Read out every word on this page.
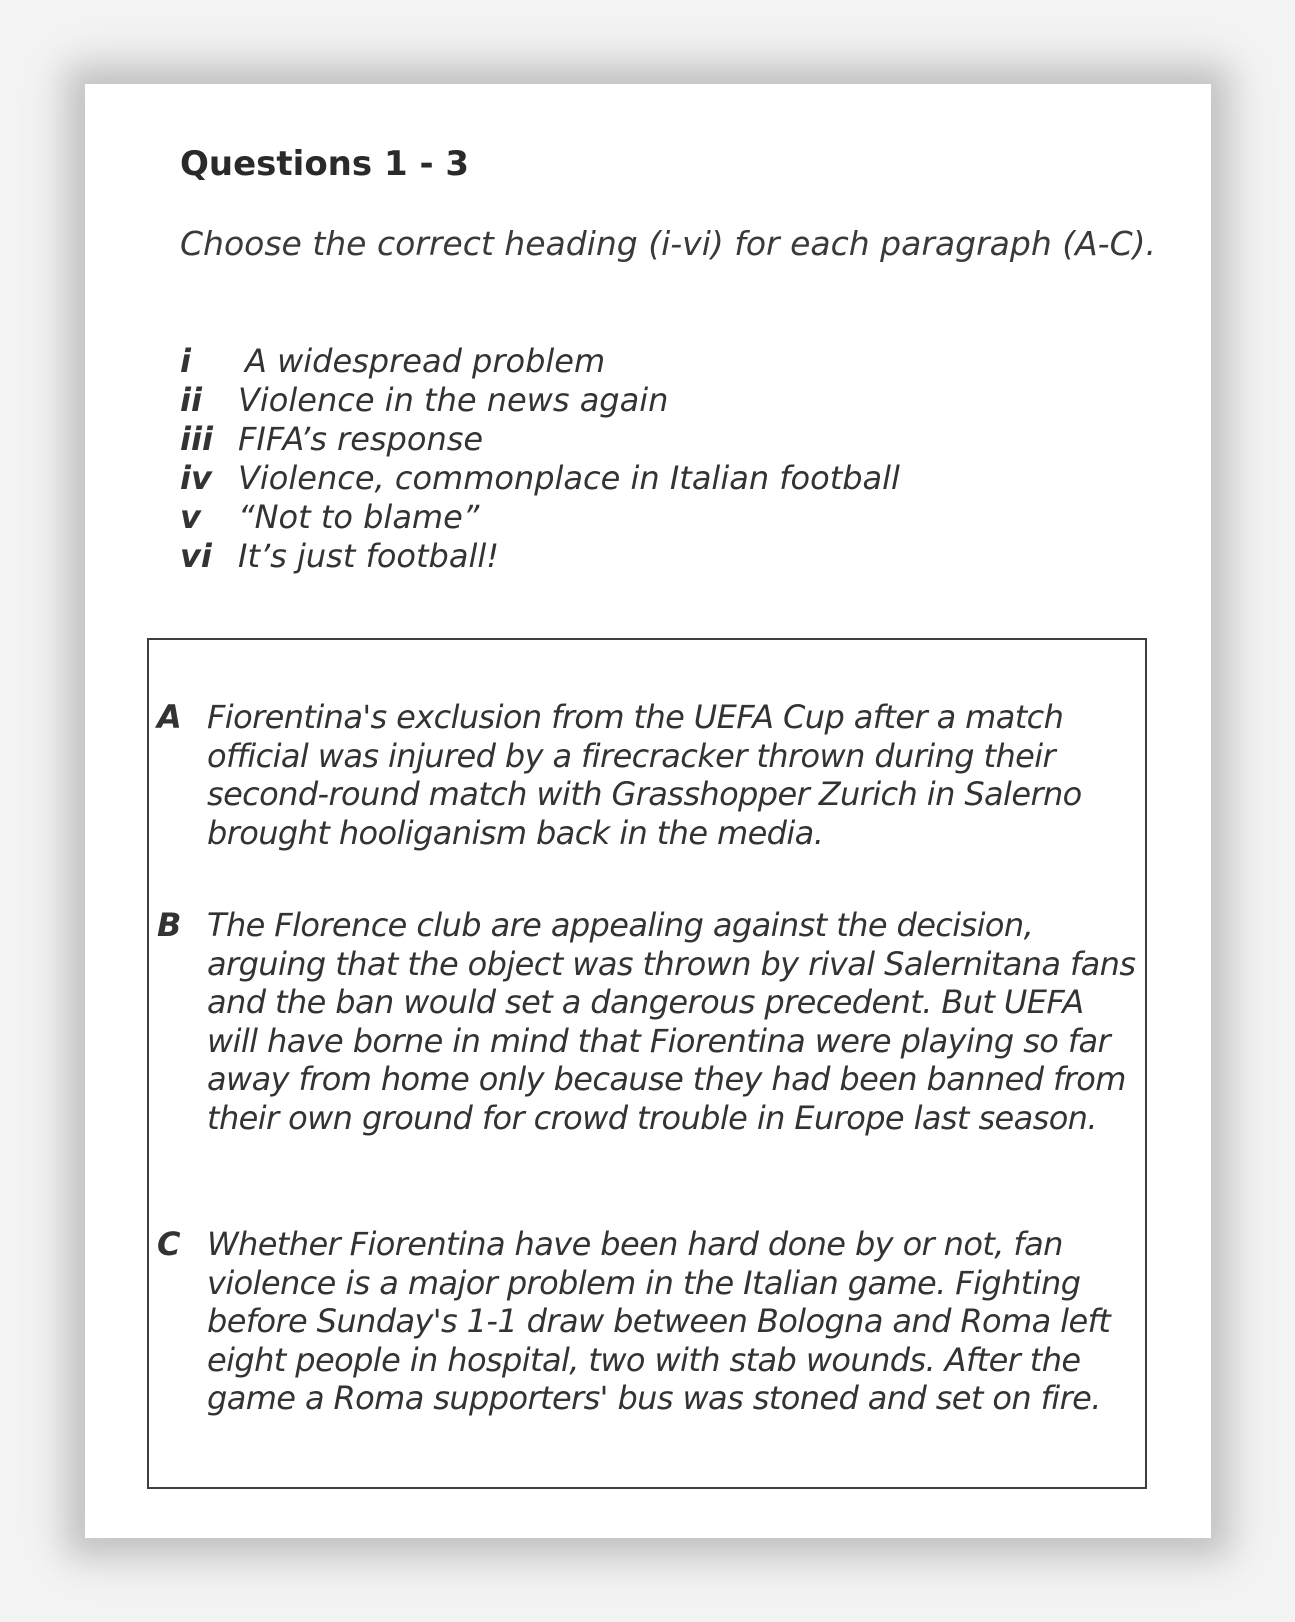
Questions 1 - 3
Choose the correct heading (i-vi) for each paragraph (A-C).
i	A widespread problem
ii	Violence in the news again
iii FIFA’s response
iv Violence, commonplace in Italian football
v	“Not to blame”
vi It’s just football!
A Fiorentina's exclusion from the UEFA Cup after a match official was injured by a firecracker thrown during their second-round match with Grasshopper Zurich in Salerno brought hooliganism back in the media.
B The Florence club are appealing against the decision, arguing that the object was thrown by rival Salernitana fans and the ban would set a dangerous precedent. But UEFA will have borne in mind that Fiorentina were playing so far away from home only because they had been banned from their own ground for crowd trouble in Europe last season.
C Whether Fiorentina have been hard done by or not, fan violence is a major problem in the Italian game. Fighting before Sunday's 1-1 draw between Bologna and Roma left eight people in hospital, two with stab wounds. After the game a Roma supporters' bus was stoned and set on fire.
